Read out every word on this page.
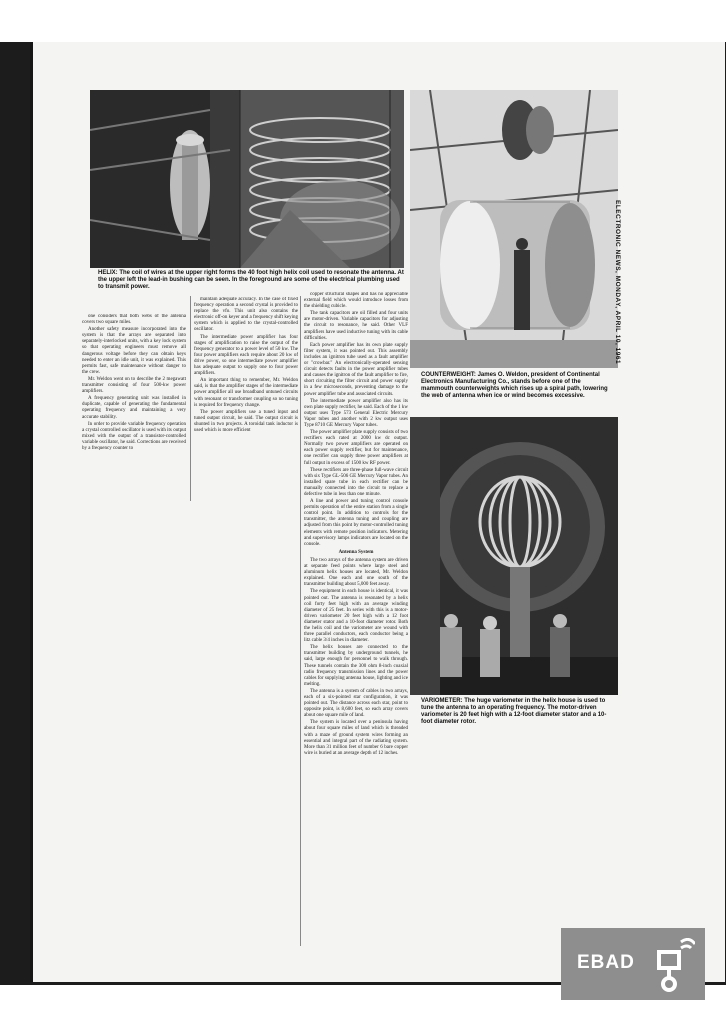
HELIX: The coil of wires at the upper right forms the 40 foot high helix coil used to resonate the antenna. At the upper left the lead-in bushing can be seen. In the foreground are some of the electrical plumbing used to transmit power.
COUNTERWEIGHT: James O. Weldon, president of Continental Electronics Manufacturing Co., stands before one of the mammouth counterweights which rises up a spiral path, lowering the web of antenna when ice or wind becomes excessive.
VARIOMETER: The huge variometer in the helix house is used to tune the antenna to an operating frequency. The motor-driven variometer is 20 feet high with a 12-foot diameter stator and a 10-foot diameter rotor.
ELECTRONIC NEWS, MONDAY, APRIL 10, 1961

one considers that both webs of the antenna covers two square miles.

Another safety measure incorporated into the system is that the arrays are separated into separately-interlocked units, with a key lock system so that operating engineers must remove all dangerous voltage before they can obtain keys needed to enter an idle unit, it was explained. This permits fast, safe maintenance without danger to the crew.

Mr. Weldon went on to describe the 2 megawatt transmitter consisting of four 500-kw power amplifiers.

A frequency generating unit was installed in duplicate, capable of generating the fundamental operating frequency and maintaining a very accurate stability.

In order to provide variable frequency operation a crystal controlled oscillator is used with its output mixed with the output of a transistor-controlled variable oscillator, he said. Corrections are received by a frequency counter to

maintain adequate accuracy. In the case of fixed frequency operation a second crystal is provided to replace the vfo. This unit also contains the electronic off-on keyer and a frequency shift keying system which is applied to the crystal-controlled oscillator.

The intermediate power amplifier has four stages of amplification to raise the output of the frequency generator to a power level of 50 kw. The four power amplifiers each require about 20 kw of drive power, so one intermediate power amplifier has adequate output to supply one to four power amplifiers.

An important thing to remember, Mr. Weldon said, is that the amplifier stages of the intermediate power amplifier all use broadband untuned circuits with resonant or transformer coupling so no tuning is required for frequency change.

The power amplifiers use a tuned input and tuned output circuit, he said. The output circuit is shunted in two projects. A toroidal tank inductor is used which is more efficient

copper structural shapes and has no appreciable external field which would introduce losses from the shielding cubicle.

The tank capacitors are oil filled and four units are motor-driven. Variable capacitors for adjusting the circuit to resonance, he said. Other VLF amplifiers have used inductive tuning with its cable difficulties.

Each power amplifier has its own plate supply filter system, it was pointed out. This assembly includes an ignitron tube used as a fault amplifier or "crowbar." An electronically-operated sensing circuit detects faults in the power amplifier tubes and causes the ignitron of the fault amplifier to fire, short circuiting the filter circuit and power supply in a few microseconds, preventing damage to the power amplifier tube and associated circuits.

The intermediate power amplifier also has its own plate supply rectifier, he said. Each of the 1 kw output uses Type 573 General Electric Mercury Vapor tubes and another with 2 kw output uses Type 8710 GE Mercury Vapor tubes.

The power amplifier plate supply consists of two rectifiers each rated at 2000 kw dc output. Normally two power amplifiers are operated on each power supply rectifier, but for maintenance, one rectifier can supply three power amplifiers at full output in excess of 1500 kw RF power.

These rectifiers are three-phase full-wave circuit with six Type GL-506 GE Mercury Vapor tubes. An installed spare tube in each rectifier can be manually connected into the circuit to replace a defective tube in less than one minute.

A line and power and tuning control console permits operation of the entire station from a single control point. In addition to controls for the transmitter, the antenna tuning and coupling are adjusted from this point by motor-controlled tuning elements with remote position indicators. Metering and supervisory lamps indicators are located on the console.

Antenna System

The two arrays of the antenna system are driven at separate feed points where large steel and aluminum helix houses are located, Mr. Weldon explained. One each and one south of the transmitter building about 5,000 feet away.

The equipment in each house is identical, it was pointed out. The antenna is resonated by a helix coil forty feet high with an average winding diameter of 25 feet. In series with this is a motor-driven variometer 20 feet high with a 12 foot diameter stator and a 10-foot diameter rotor. Both the helix coil and the variometer are wound with three parallel conductors, each conductor being a litz cable 3/4 inches in diameter.

The helix houses are connected to the transmitter building by underground tunnels, he said, large enough for personnel to walk through. These tunnels contain the 300 ohm 8-inch coaxial radio frequency transmission lines and the power cables for supplying antenna house, lighting and ice melting.

The antenna is a system of cables in two arrays, each of a six-pointed star configuration, it was pointed out. The distance across each star, point to opposite point, is 8,600 feet, so each array covers about one square mile of land.

The system is located over a peninsula having about four square miles of land which is threaded with a maze of ground system wires forming an essential and integral part of the radiating system. More than 31 million feet of number 6 bare copper wire is buried at an average depth of 12 inches.

EBAD
